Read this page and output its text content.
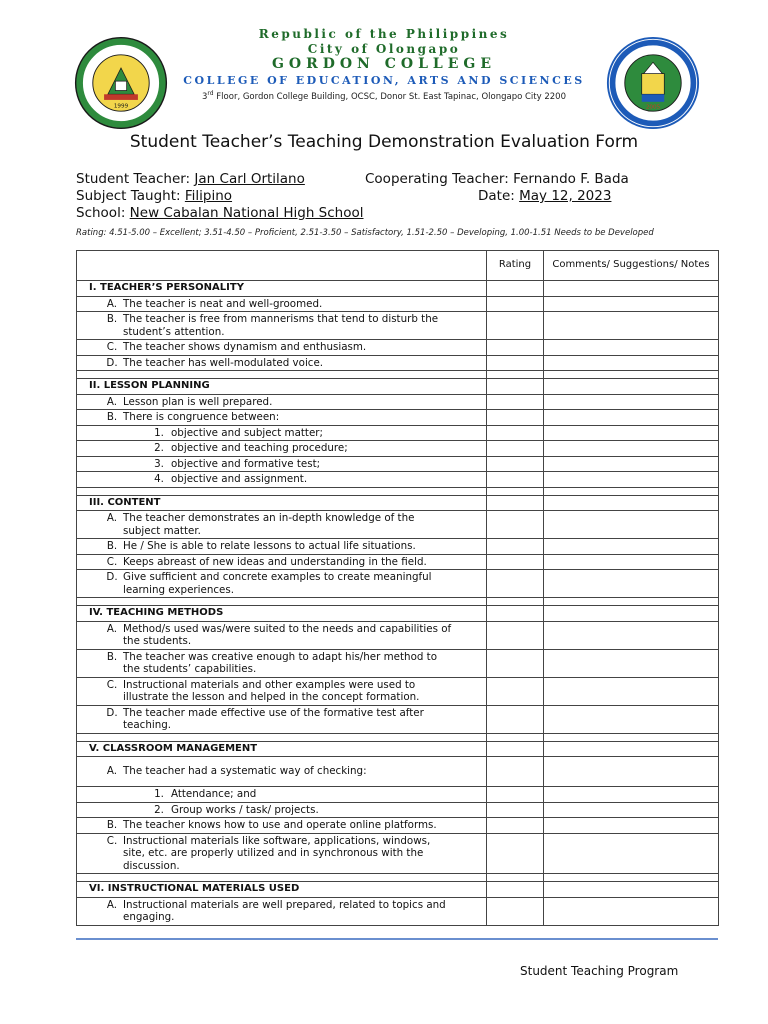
1999	2005
Republic of the Philippines
City of Olongapo
GORDON COLLEGE
COLLEGE OF EDUCATION, ARTS AND SCIENCES
3rd Floor, Gordon College Building, OCSC, Donor St. East Tapinac, Olongapo City 2200
Student Teacher’s Teaching Demonstration Evaluation Form
Student Teacher: Jan Carl Ortilano	Cooperating Teacher: Fernando F. Bada
Subject Taught: Filipino	Date: May 12, 2023
School: New Cabalan National High School
Rating: 4.51-5.00 – Excellent; 3.51-4.50 – Proficient, 2.51-3.50 – Satisfactory, 1.51-2.50 – Developing, 1.00-1.51 Needs to be Developed
	Rating	Comments/ Suggestions/ Notes
I. TEACHER’S PERSONALITY		
A. The teacher is neat and well-groomed.		
B. The teacher is free from mannerisms that tend to disturb the student’s attention.		
C. The teacher shows dynamism and enthusiasm.		
D. The teacher has well-modulated voice.		

II. LESSON PLANNING		
A. Lesson plan is well prepared.		
B. There is congruence between:		
1. objective and subject matter;		
2. objective and teaching procedure;		
3. objective and formative test;		
4. objective and assignment.		

III. CONTENT		
A. The teacher demonstrates an in-depth knowledge of the subject matter.		
B. He / She is able to relate lessons to actual life situations.		
C. Keeps abreast of new ideas and understanding in the field.		
D. Give sufficient and concrete examples to create meaningful learning experiences.		

IV. TEACHING METHODS		
A. Method/s used was/were suited to the needs and capabilities of the students.		
B. The teacher was creative enough to adapt his/her method to the students’ capabilities.		
C. Instructional materials and other examples were used to illustrate the lesson and helped in the concept formation.		
D. The teacher made effective use of the formative test after teaching.		

V. CLASSROOM MANAGEMENT		
A. The teacher had a systematic way of checking:		
1. Attendance; and		
2. Group works / task/ projects.		
B. The teacher knows how to use and operate online platforms.		
C. Instructional materials like software, applications, windows, site, etc. are properly utilized and in synchronous with the discussion.		

VI. INSTRUCTIONAL MATERIALS USED		
A. Instructional materials are well prepared, related to topics and engaging.		
Student Teaching Program
